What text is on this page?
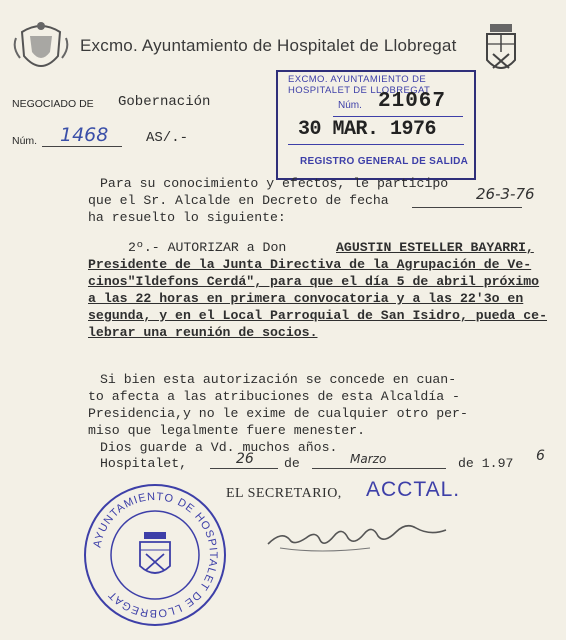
Excmo. Ayuntamiento de Hospitalet de Llobregat
NEGOCIADO DE Gobernación
Núm. 1468	AS/.-
EXCMO. AYUNTAMIENTO DE
HOSPITALET DE LLOBREGAT
Núm. 21067
30 MAR. 1976
REGISTRO GENERAL DE SALIDA
Para su conocimiento y efectos, le participo
que el Sr. Alcalde en Decreto de fecha	26-3-76
ha resuelto lo siguiente:
2º.- AUTORIZAR a Don	AGUSTIN ESTELLER BAYARRI,
Presidente de la Junta Directiva de la Agrupación de Ve-
cinos"Ildefons Cerdá", para que el día 5 de abril próximo
a las 22 horas en primera convocatoria y a las 22'3o en
segunda, y en el Local Parroquial de San Isidro, pueda ce-
lebrar una reunión de socios.
Si bien esta autorización se concede en cuan-
to afecta a las atribuciones de esta Alcaldía -
Presidencia,y no le exime de cualquier otro per-
miso que legalmente fuere menester.
Dios guarde a Vd. muchos años.
Hospitalet,	26 de	Marzo	de 1.97 6
EL SECRETARIO, ACCTAL.
AYUNTAMIENTO DE HOSPITALET DE LLOBREGAT
